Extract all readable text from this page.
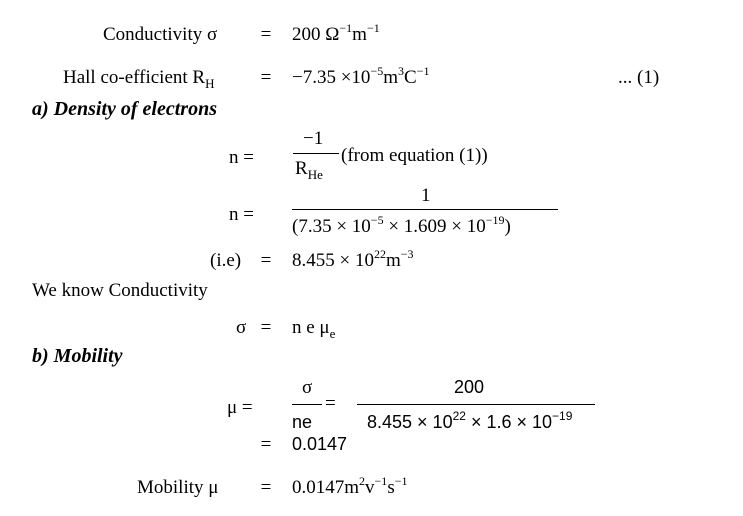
Conductivity σ = 200 $\Omega^{-1}m^{-1}$
Hall co-efficient $R_H = -7.35 \times 10^{-5}m^3C^{-1}$	... (1)
a) Density of electrons
n =
−1
$R_{He}$
(from equation (1))
n =
1
$(7.35 \times 10^{-5} \times 1.609 \times 10^{-19})$
$(i.e) = 8.455 \times 10^{22}m^{-3}$
We know Conductivity
σ = n e $\mu_e$
b) Mobility
μ =
σ
ne
=
200
$8.455 \times 10^{22} \times 1.6 \times 10^{-19}$
= 0.0147
Mobility $\mu = 0.0147m^2v^{-1}s^{-1}$
